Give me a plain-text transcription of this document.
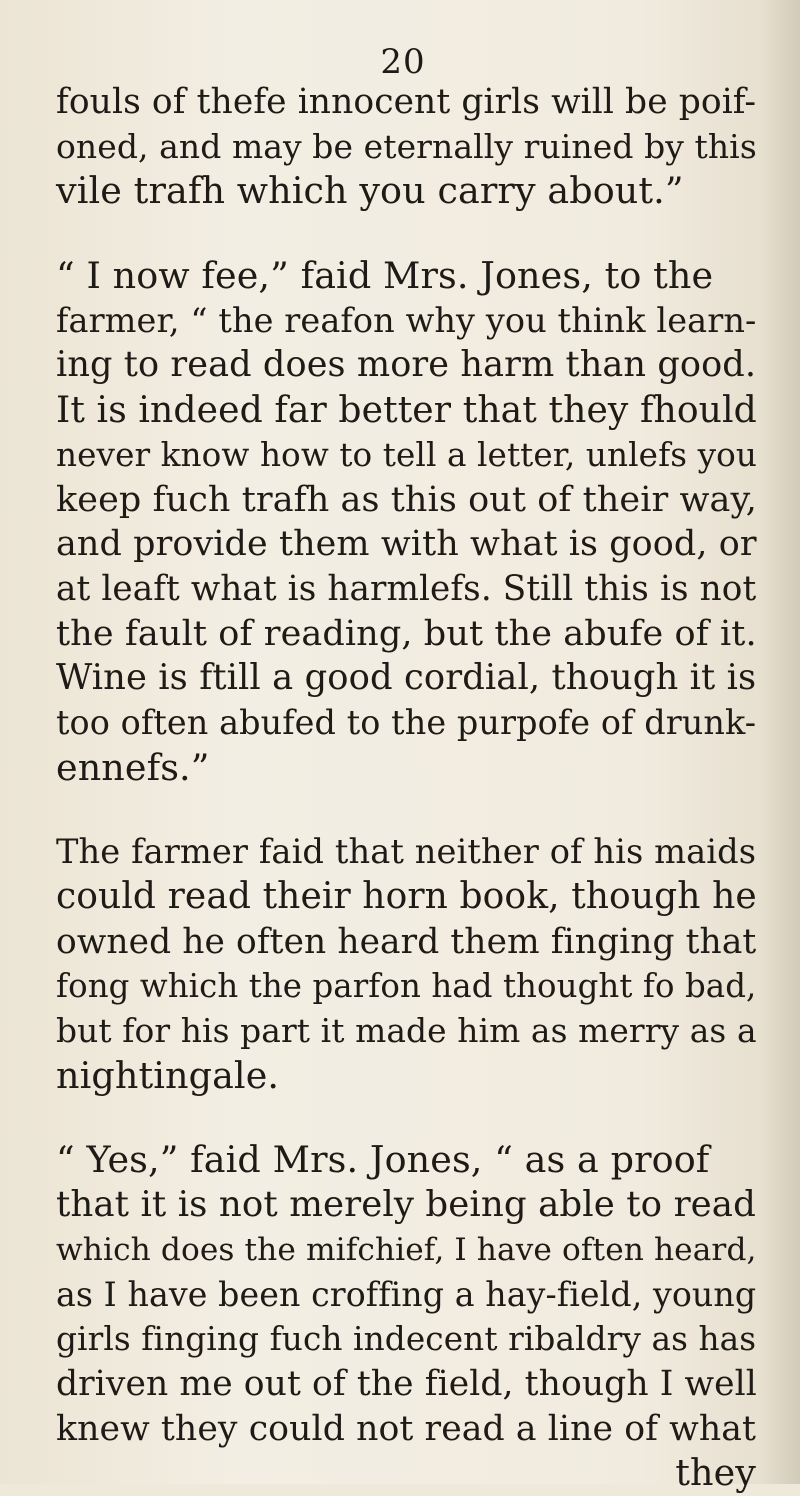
20
fouls of thefe innocent girls will be poif-
oned, and may be eternally ruined by this
vile trafh which you carry about.”
“ I now fee,” faid Mrs. Jones, to the
farmer, “ the reafon why you think learn-
ing to read does more harm than good.
It is indeed far better that they fhould
never know how to tell a letter, unlefs you
keep fuch trafh as this out of their way,
and provide them with what is good, or
at leaft what is harmlefs. Still this is not
the fault of reading, but the abufe of it.
Wine is ftill a good cordial, though it is
too often abufed to the purpofe of drunk-
ennefs.”
The farmer faid that neither of his maids
could read their horn book, though he
owned he often heard them finging that
fong which the parfon had thought fo bad,
but for his part it made him as merry as a
nightingale.
“ Yes,” faid Mrs. Jones, “ as a proof
that it is not merely being able to read
which does the mifchief, I have often heard,
as I have been croffing a hay-field, young
girls finging fuch indecent ribaldry as has
driven me out of the field, though I well
knew they could not read a line of what
they
